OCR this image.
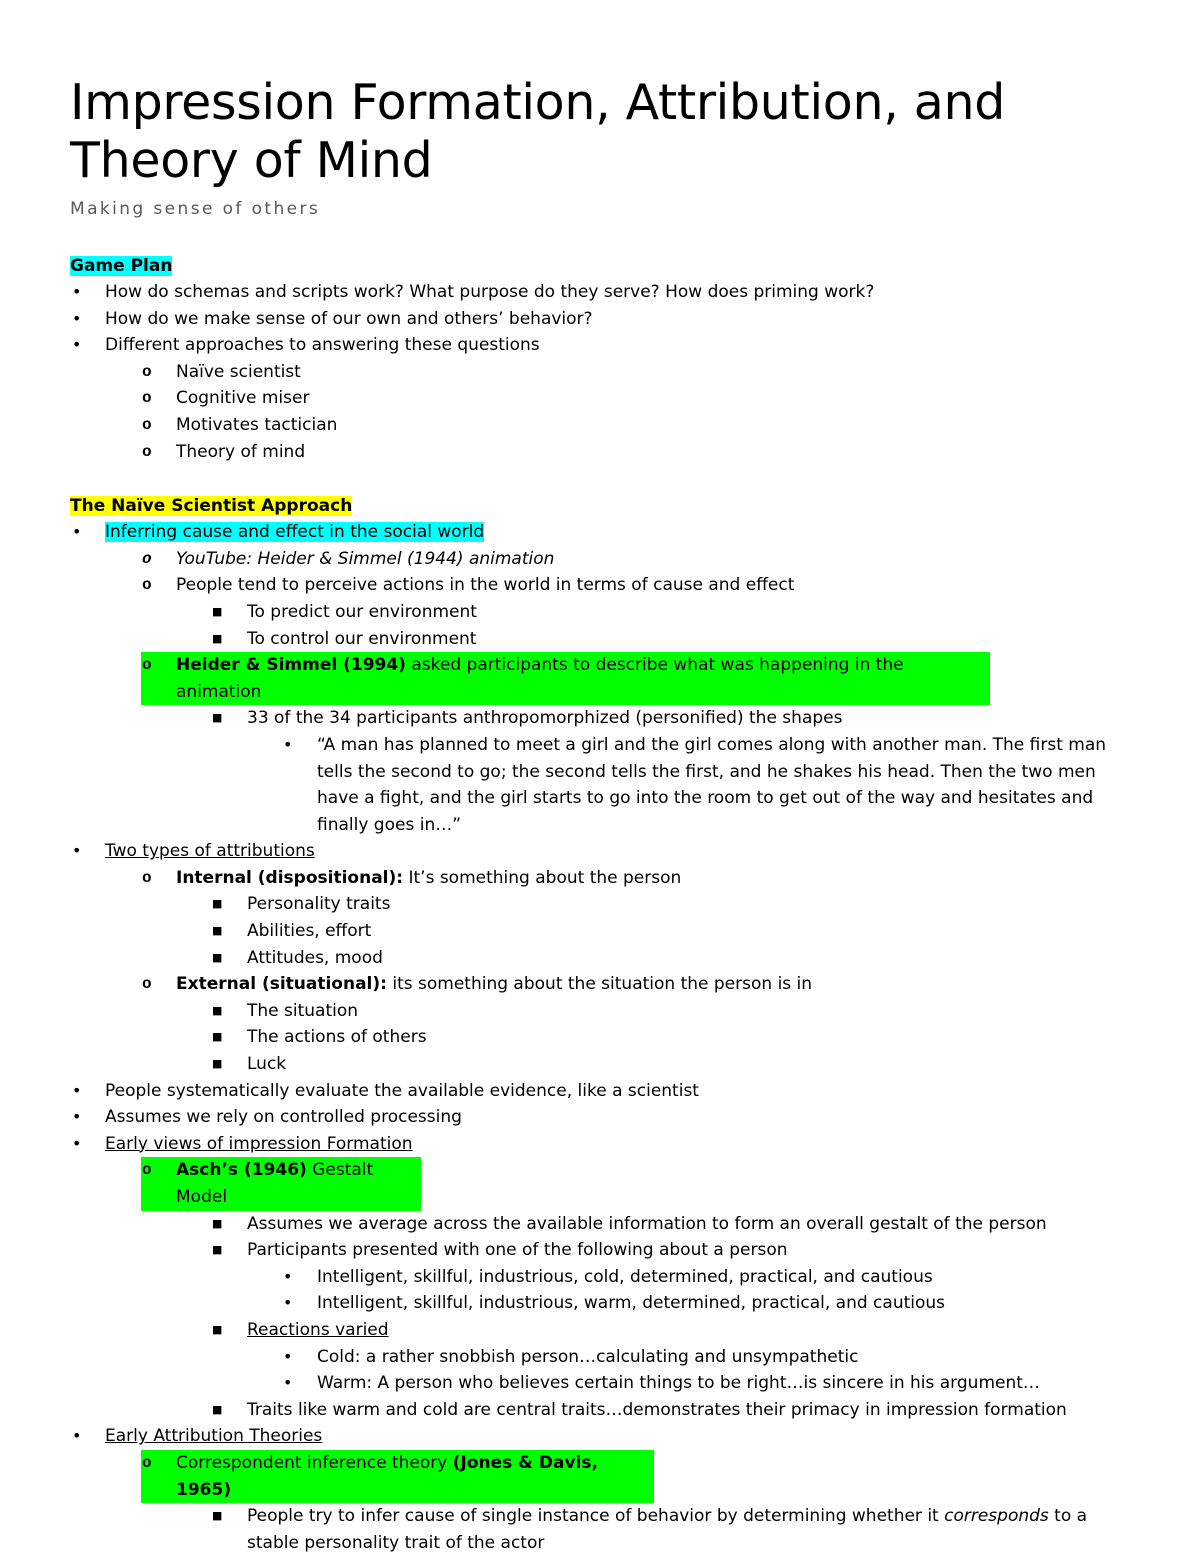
Impression Formation, Attribution, and Theory of Mind
Making sense of others

Game Plan

• How do schemas and scripts work? What purpose do they serve? How does priming work?
• How do we make sense of our own and others’ behavior?
• Different approaches to answering these questions
o Naïve scientist
o Cognitive miser
o Motivates tactician
o Theory of mind

The Naïve Scientist Approach

• Inferring cause and effect in the social world
o YouTube: Heider & Simmel (1944) animation
o People tend to perceive actions in the world in terms of cause and effect
■ To predict our environment
■ To control our environment
o Heider & Simmel (1994) asked participants to describe what was happening in the animation
■ 33 of the 34 participants anthropomorphized (personified) the shapes
• “A man has planned to meet a girl and the girl comes along with another man. The first man tells the second to go; the second tells the first, and he shakes his head. Then the two men have a fight, and the girl starts to go into the room to get out of the way and hesitates and finally goes in…”
• Two types of attributions
o Internal (dispositional): It’s something about the person
■ Personality traits
■ Abilities, effort
■ Attitudes, mood
o External (situational): its something about the situation the person is in
■ The situation
■ The actions of others
■ Luck
• People systematically evaluate the available evidence, like a scientist
• Assumes we rely on controlled processing
• Early views of impression Formation
o Asch’s (1946) Gestalt Model
■ Assumes we average across the available information to form an overall gestalt of the person
■ Participants presented with one of the following about a person
• Intelligent, skillful, industrious, cold, determined, practical, and cautious
• Intelligent, skillful, industrious, warm, determined, practical, and cautious
■ Reactions varied
• Cold: a rather snobbish person…calculating and unsympathetic
• Warm: A person who believes certain things to be right…is sincere in his argument…
■ Traits like warm and cold are central traits…demonstrates their primacy in impression formation
• Early Attribution Theories
o Correspondent inference theory (Jones & Davis, 1965)
■ People try to infer cause of single instance of behavior by determining whether it corresponds to a stable personality trait of the actor
